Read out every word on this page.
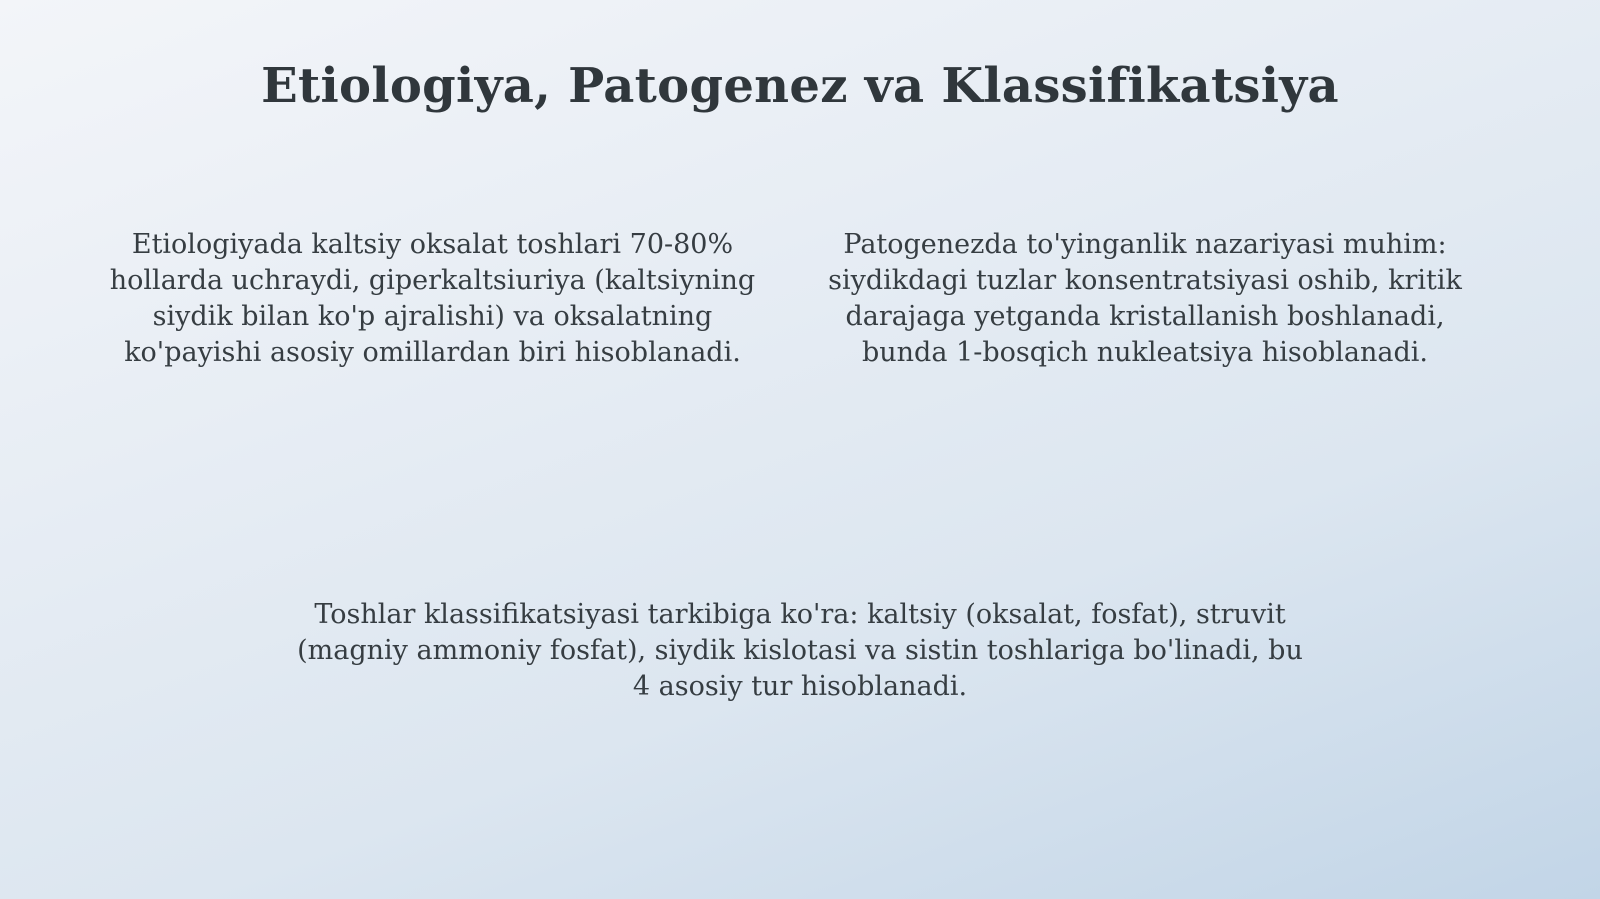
Etiologiya, Patogenez va Klassifikatsiya

Etiologiyada kaltsiy oksalat toshlari 70-80% hollarda uchraydi, giperkaltsiuriya (kaltsiyning siydik bilan ko'p ajralishi) va oksalatning ko'payishi asosiy omillardan biri hisoblanadi.

Patogenezda to'yinganlik nazariyasi muhim: siydikdagi tuzlar konsentratsiyasi oshib, kritik darajaga yetganda kristallanish boshlanadi, bunda 1-bosqich nukleatsiya hisoblanadi.

Toshlar klassifikatsiyasi tarkibiga ko'ra: kaltsiy (oksalat, fosfat), struvit (magniy ammoniy fosfat), siydik kislotasi va sistin toshlariga bo'linadi, bu 4 asosiy tur hisoblanadi.
